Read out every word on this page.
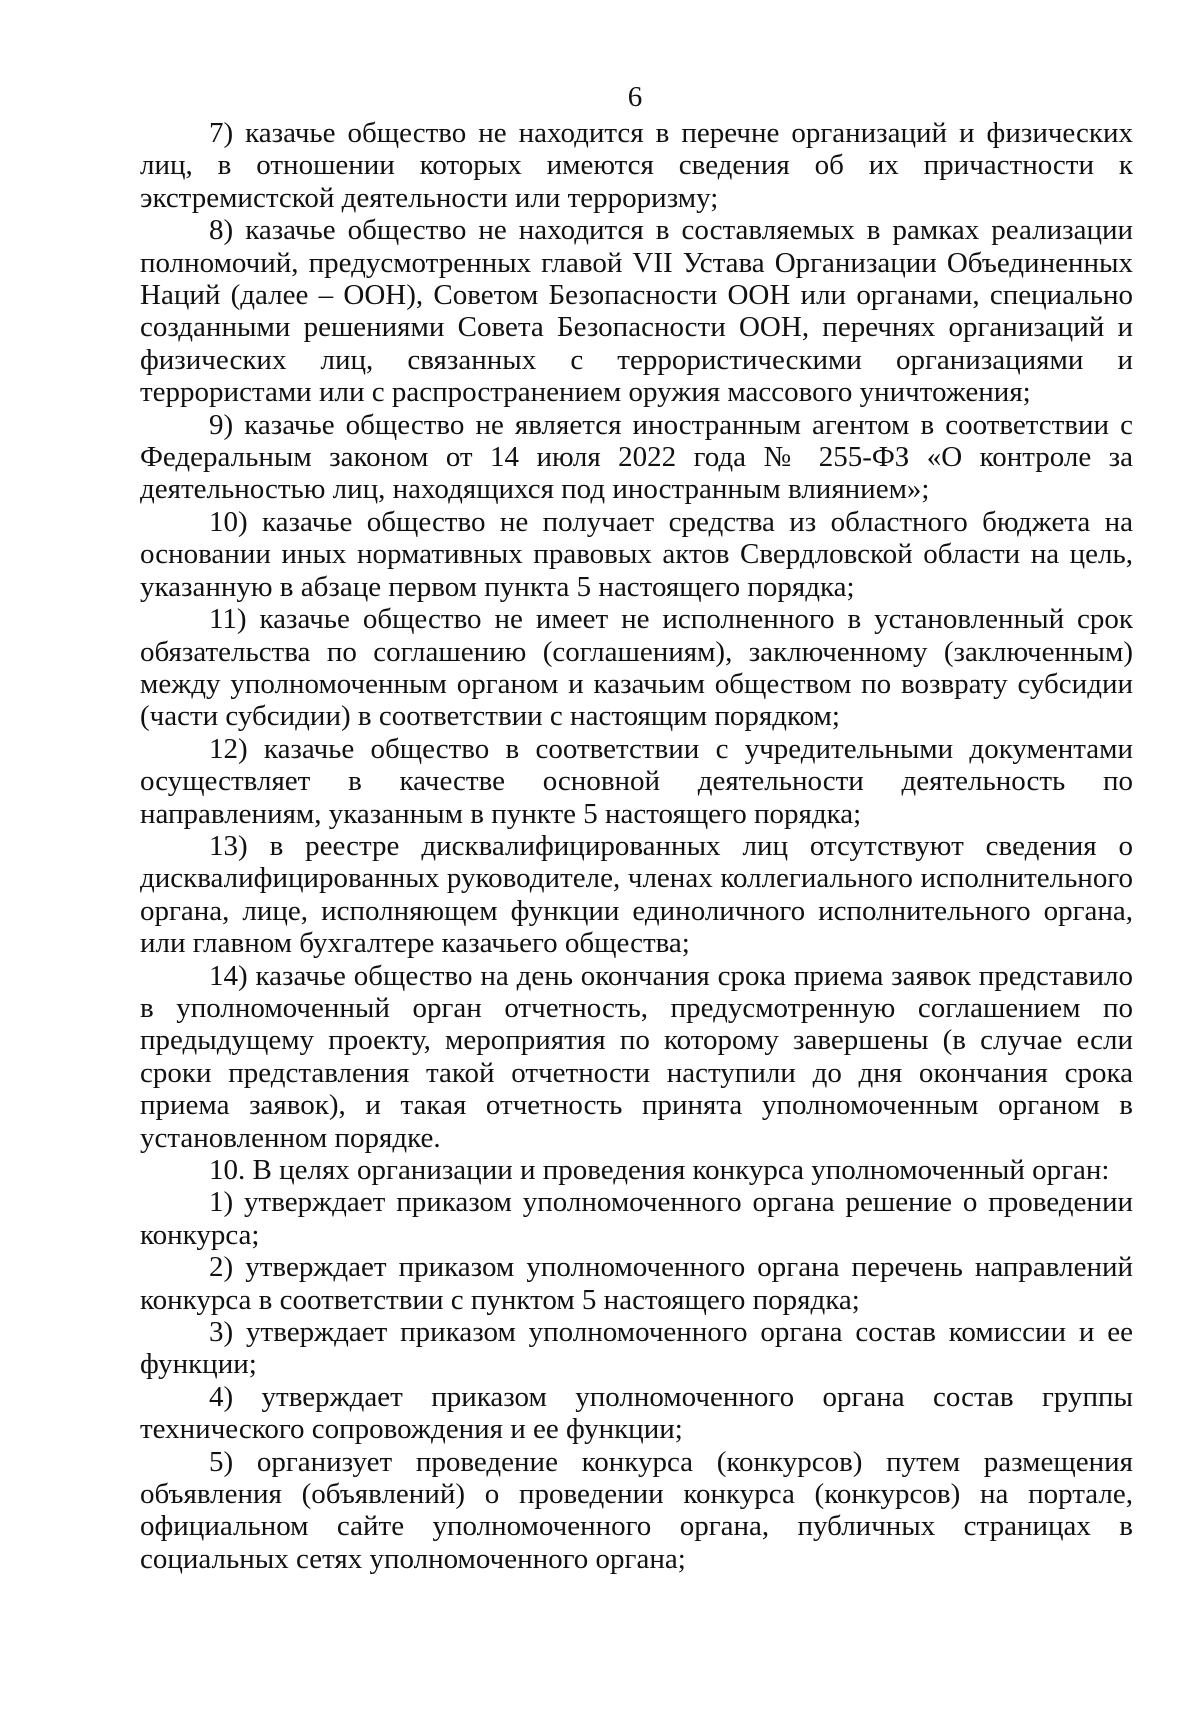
6

7) казачье общество не находится в перечне организаций и физических лиц, в отношении которых имеются сведения об их причастности к экстремистской деятельности или терроризму;

8) казачье общество не находится в составляемых в рамках реализации полномочий, предусмотренных главой VII Устава Организации Объединенных Наций (далее – ООН), Советом Безопасности ООН или органами, специально созданными решениями Совета Безопасности ООН, перечнях организаций и физических лиц, связанных с террористическими организациями и террористами или с распространением оружия массового уничтожения;

9) казачье общество не является иностранным агентом в соответствии с Федеральным законом от 14 июля 2022 года № 255-ФЗ «О контроле за деятельностью лиц, находящихся под иностранным влиянием»;

10) казачье общество не получает средства из областного бюджета на основании иных нормативных правовых актов Свердловской области на цель, указанную в абзаце первом пункта 5 настоящего порядка;

11) казачье общество не имеет не исполненного в установленный срок обязательства по соглашению (соглашениям), заключенному (заключенным) между уполномоченным органом и казачьим обществом по возврату субсидии (части субсидии) в соответствии с настоящим порядком;

12) казачье общество в соответствии с учредительными документами осуществляет в качестве основной деятельности деятельность по направлениям, указанным в пункте 5 настоящего порядка;

13) в реестре дисквалифицированных лиц отсутствуют сведения о дисквалифицированных руководителе, членах коллегиального исполнительного органа, лице, исполняющем функции единоличного исполнительного органа, или главном бухгалтере казачьего общества;

14) казачье общество на день окончания срока приема заявок представило в уполномоченный орган отчетность, предусмотренную соглашением по предыдущему проекту, мероприятия по которому завершены (в случае если сроки представления такой отчетности наступили до дня окончания срока приема заявок), и такая отчетность принята уполномоченным органом в установленном порядке.

10. В целях организации и проведения конкурса уполномоченный орган:

1) утверждает приказом уполномоченного органа решение о проведении конкурса;

2) утверждает приказом уполномоченного органа перечень направлений конкурса в соответствии с пунктом 5 настоящего порядка;

3) утверждает приказом уполномоченного органа состав комиссии и ее функции;

4) утверждает приказом уполномоченного органа состав группы технического сопровождения и ее функции;

5) организует проведение конкурса (конкурсов) путем размещения объявления (объявлений) о проведении конкурса (конкурсов) на портале, официальном сайте уполномоченного органа, публичных страницах в социальных сетях уполномоченного органа;
